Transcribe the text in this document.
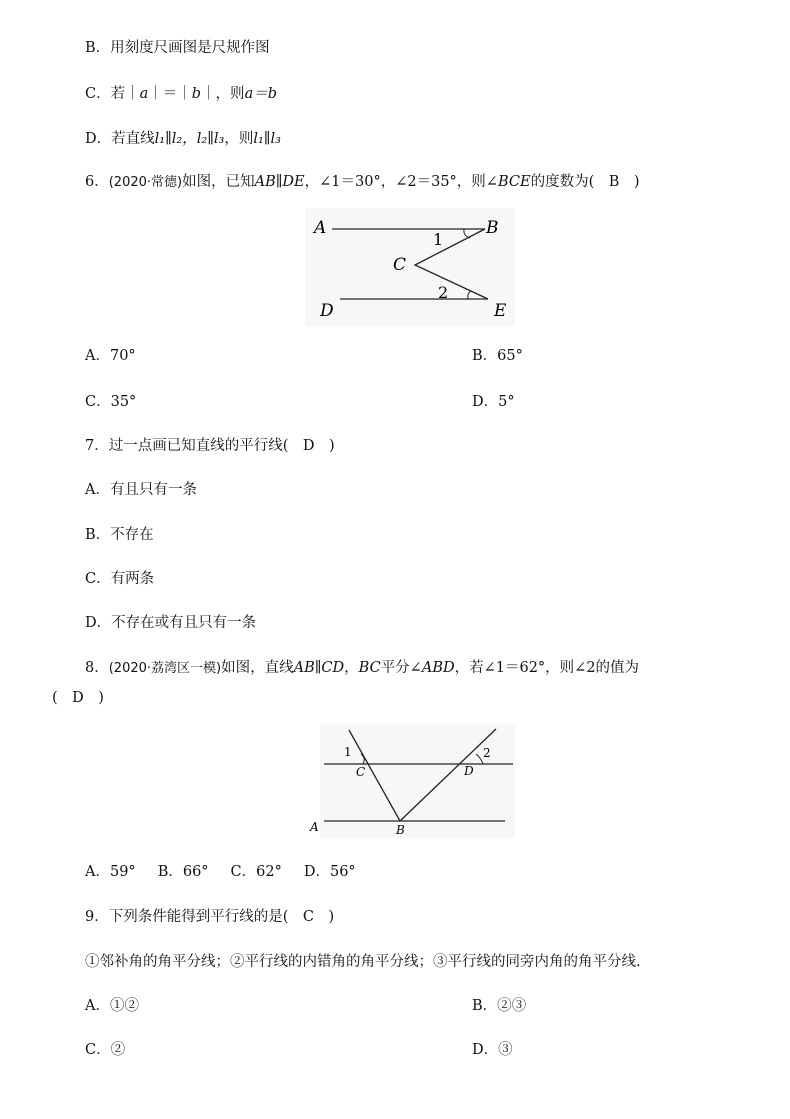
B．用刻度尺画图是尺规作图
C．若｜a｜＝｜b｜，则a＝b
D．若直线l₁∥l₂，l₂∥l₃，则l₁∥l₃
6．(2020·常德)如图，已知AB∥DE，∠1＝30°，∠2＝35°，则∠BCE的度数为(　B　)
A	B
C
D	E
1
2
A．70°	B．65°
C．35°	D．5°
7．过一点画已知直线的平行线(　D　)
A．有且只有一条
B．不存在
C．有两条
D．不存在或有且只有一条
8．(2020·荔湾区一模)如图，直线AB∥CD，BC平分∠ABD，若∠1＝62°，则∠2的值为
(　D　)
A	B
C	D
1	2
A．59° B．66° C．62° D．56°
9．下列条件能得到平行线的是(　C　)
①邻补角的角平分线；②平行线的内错角的角平分线；③平行线的同旁内角的角平分线.
A．①②	B．②③
C．②	D．③
